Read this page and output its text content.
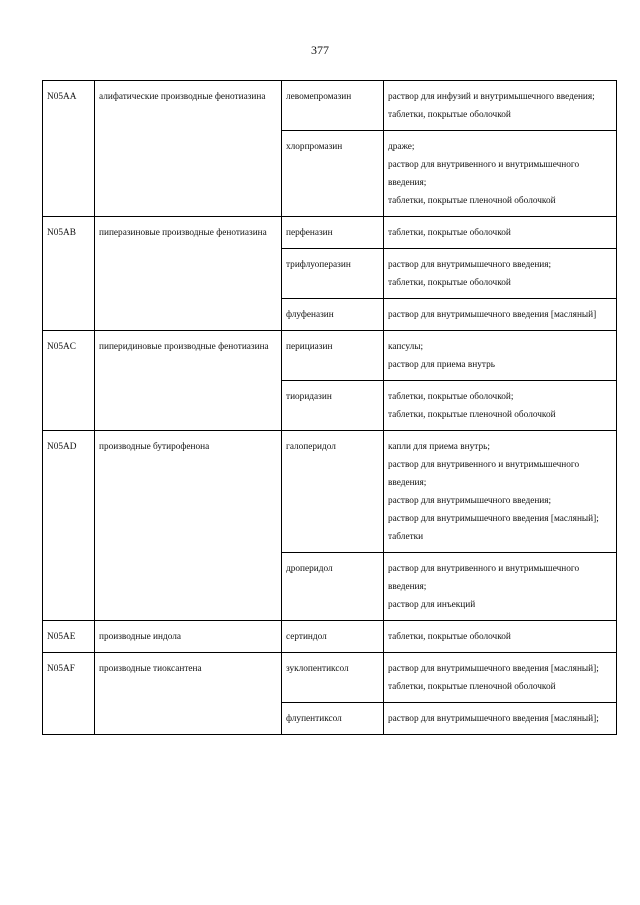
377
N05AA	алифатические производные фенотиазина	левомепромазин	раствор для инфузий и внутримышечного введения;
таблетки, покрытые оболочкой

		хлорпромазин	драже;
раствор для внутривенного и внутримышечного введения;
таблетки, покрытые пленочной оболочкой

N05AB	пиперазиновые производные фенотиазина	перфеназин	таблетки, покрытые оболочкой

		трифлуоперазин	раствор для внутримышечного введения;
таблетки, покрытые оболочкой

		флуфеназин	раствор для внутримышечного введения [масляный]

N05AC	пиперидиновые производные фенотиазина	перициазин	капсулы;
раствор для приема внутрь

		тиоридазин	таблетки, покрытые оболочкой;
таблетки, покрытые пленочной оболочкой

N05AD	производные бутирофенона	галоперидол	капли для приема внутрь;
раствор для внутривенного и внутримышечного введения;
раствор для внутримышечного введения;
раствор для внутримышечного введения [масляный];
таблетки

		дроперидол	раствор для внутривенного и внутримышечного введения;
раствор для инъекций

N05AE	производные индола	сертиндол	таблетки, покрытые оболочкой

N05AF	производные тиоксантена	зуклопентиксол	раствор для внутримышечного введения [масляный];
таблетки, покрытые пленочной оболочкой

		флупентиксол	раствор для внутримышечного введения [масляный];
